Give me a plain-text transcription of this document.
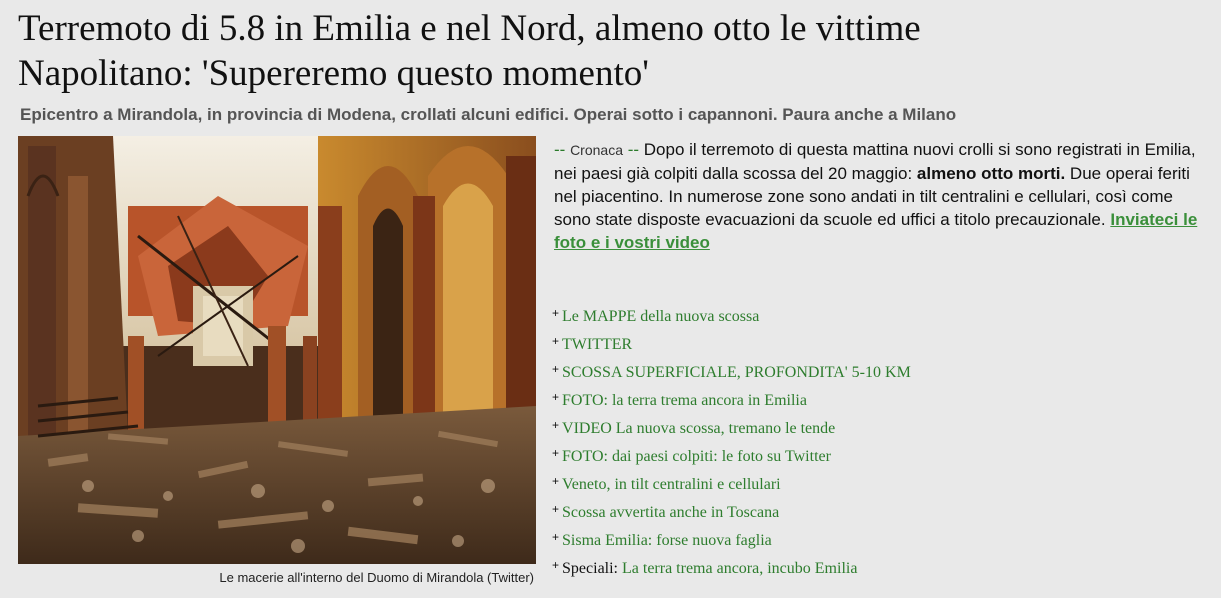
Terremoto di 5.8 in Emilia e nel Nord, almeno otto le vittime
Napolitano: 'Supereremo questo momento'
Epicentro a Mirandola, in provincia di Modena, crollati alcuni edifici. Operai sotto i capannoni. Paura anche a Milano
Le macerie all'interno del Duomo di Mirandola (Twitter)
-- Cronaca -- Dopo il terremoto di questa mattina nuovi crolli si sono registrati in Emilia, nei paesi già colpiti dalla scossa del 20 maggio: almeno otto morti. Due operai feriti nel piacentino. In numerose zone sono andati in tilt centralini e cellulari, così come sono state disposte evacuazioni da scuole ed uffici a titolo precauzionale. Inviateci le foto e i vostri video
+ Le MAPPE della nuova scossa
+ TWITTER
+ SCOSSA SUPERFICIALE, PROFONDITA' 5-10 KM
+ FOTO: la terra trema ancora in Emilia
+ VIDEO La nuova scossa, tremano le tende
+ FOTO: dai paesi colpiti: le foto su Twitter
+ Veneto, in tilt centralini e cellulari
+ Scossa avvertita anche in Toscana
+ Sisma Emilia: forse nuova faglia
+ Speciali: La terra trema ancora, incubo Emilia
